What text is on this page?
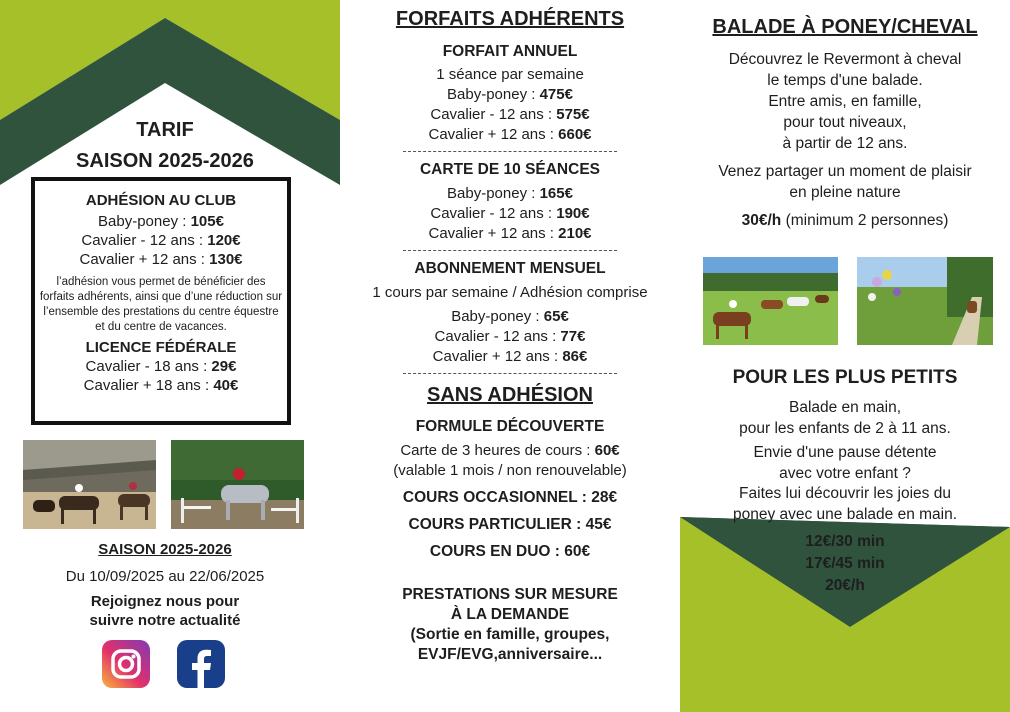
TARIF
SAISON 2025-2026
ADHÉSION AU CLUB
Baby-poney : 105€
Cavalier - 12 ans : 120€
Cavalier + 12 ans : 130€
l’adhésion vous permet de bénéficier des forfaits adhérents, ainsi que d’une réduction sur l’ensemble des prestations du centre équestre et du centre de vacances.
LICENCE FÉDÉRALE
Cavalier - 18 ans : 29€
Cavalier + 18 ans : 40€
SAISON 2025-2026
Du 10/09/2025 au 22/06/2025
Rejoignez nous pour
suivre notre actualité
FORFAITS ADHÉRENTS
FORFAIT ANNUEL
1 séance par semaine
Baby-poney : 475€
Cavalier - 12 ans : 575€
Cavalier + 12 ans : 660€
CARTE DE 10 SÉANCES
Baby-poney : 165€
Cavalier - 12 ans : 190€
Cavalier + 12 ans : 210€
ABONNEMENT MENSUEL
1 cours par semaine / Adhésion comprise
Baby-poney : 65€
Cavalier - 12 ans : 77€
Cavalier + 12 ans : 86€
SANS ADHÉSION
FORMULE DÉCOUVERTE
Carte de 3 heures de cours : 60€
(valable 1 mois / non renouvelable)
COURS OCCASIONNEL : 28€
COURS PARTICULIER : 45€
COURS EN DUO : 60€
PRESTATIONS SUR MESURE
À LA DEMANDE
(Sortie en famille, groupes,
EVJF/EVG,anniversaire...
BALADE À PONEY/CHEVAL
Découvrez le Revermont à cheval
le temps d'une balade.
Entre amis, en famille,
pour tout niveaux,
à partir de 12 ans.
Venez partager un moment de plaisir
en pleine nature
30€/h (minimum 2 personnes)
POUR LES PLUS PETITS
Balade en main,
pour les enfants de 2 à 11 ans.
Envie d'une pause détente
avec votre enfant ?
Faites lui découvrir les joies du
poney avec une balade en main.
12€/30 min
17€/45 min
20€/h
